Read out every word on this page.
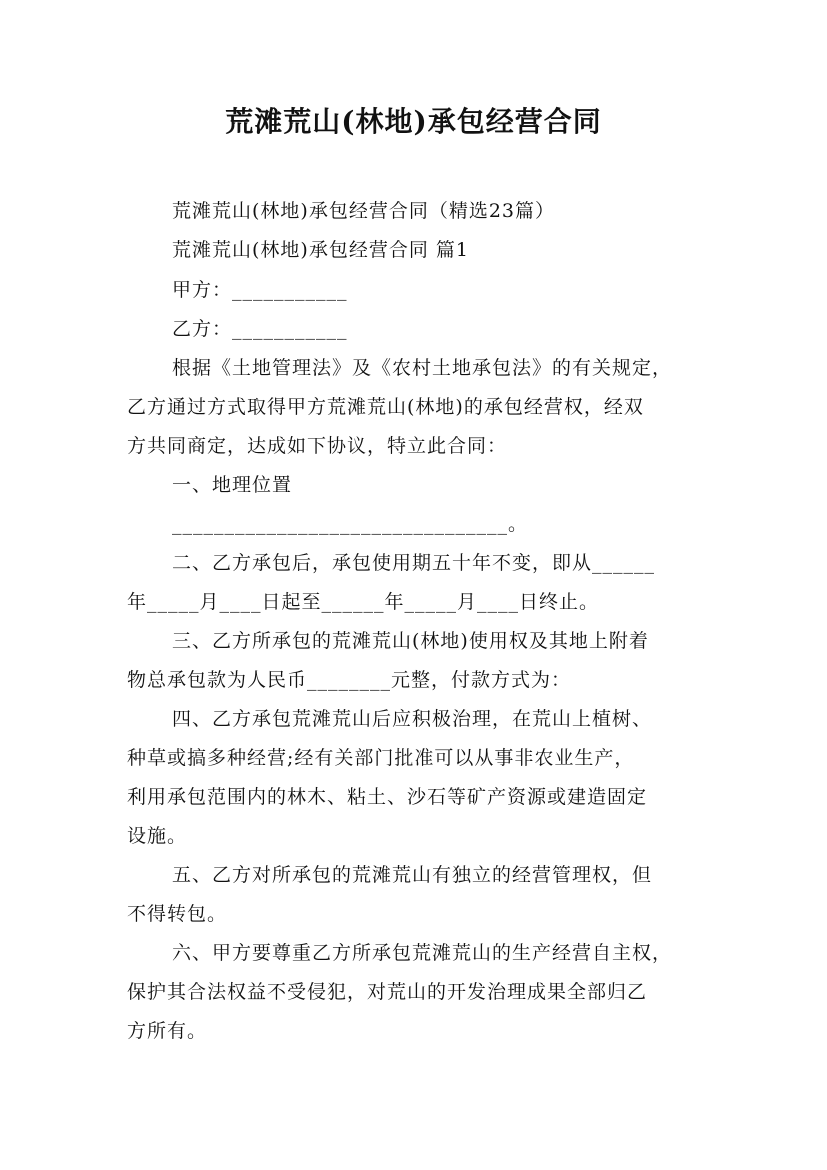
荒滩荒山(林地)承包经营合同
荒滩荒山(林地)承包经营合同（精选23篇）
荒滩荒山(林地)承包经营合同 篇1
甲方：___________
乙方：___________
根据《土地管理法》及《农村土地承包法》的有关规定，
乙方通过方式取得甲方荒滩荒山(林地)的承包经营权，经双
方共同商定，达成如下协议，特立此合同：
一、地理位置
________________________________。
二、乙方承包后，承包使用期五十年不变，即从______
年_____月____日起至______年_____月____日终止。
三、乙方所承包的荒滩荒山(林地)使用权及其地上附着
物总承包款为人民币________元整，付款方式为：
四、乙方承包荒滩荒山后应积极治理，在荒山上植树、
种草或搞多种经营;经有关部门批准可以从事非农业生产，
利用承包范围内的林木、粘土、沙石等矿产资源或建造固定
设施。
五、乙方对所承包的荒滩荒山有独立的经营管理权，但
不得转包。
六、甲方要尊重乙方所承包荒滩荒山的生产经营自主权，
保护其合法权益不受侵犯，对荒山的开发治理成果全部归乙
方所有。
